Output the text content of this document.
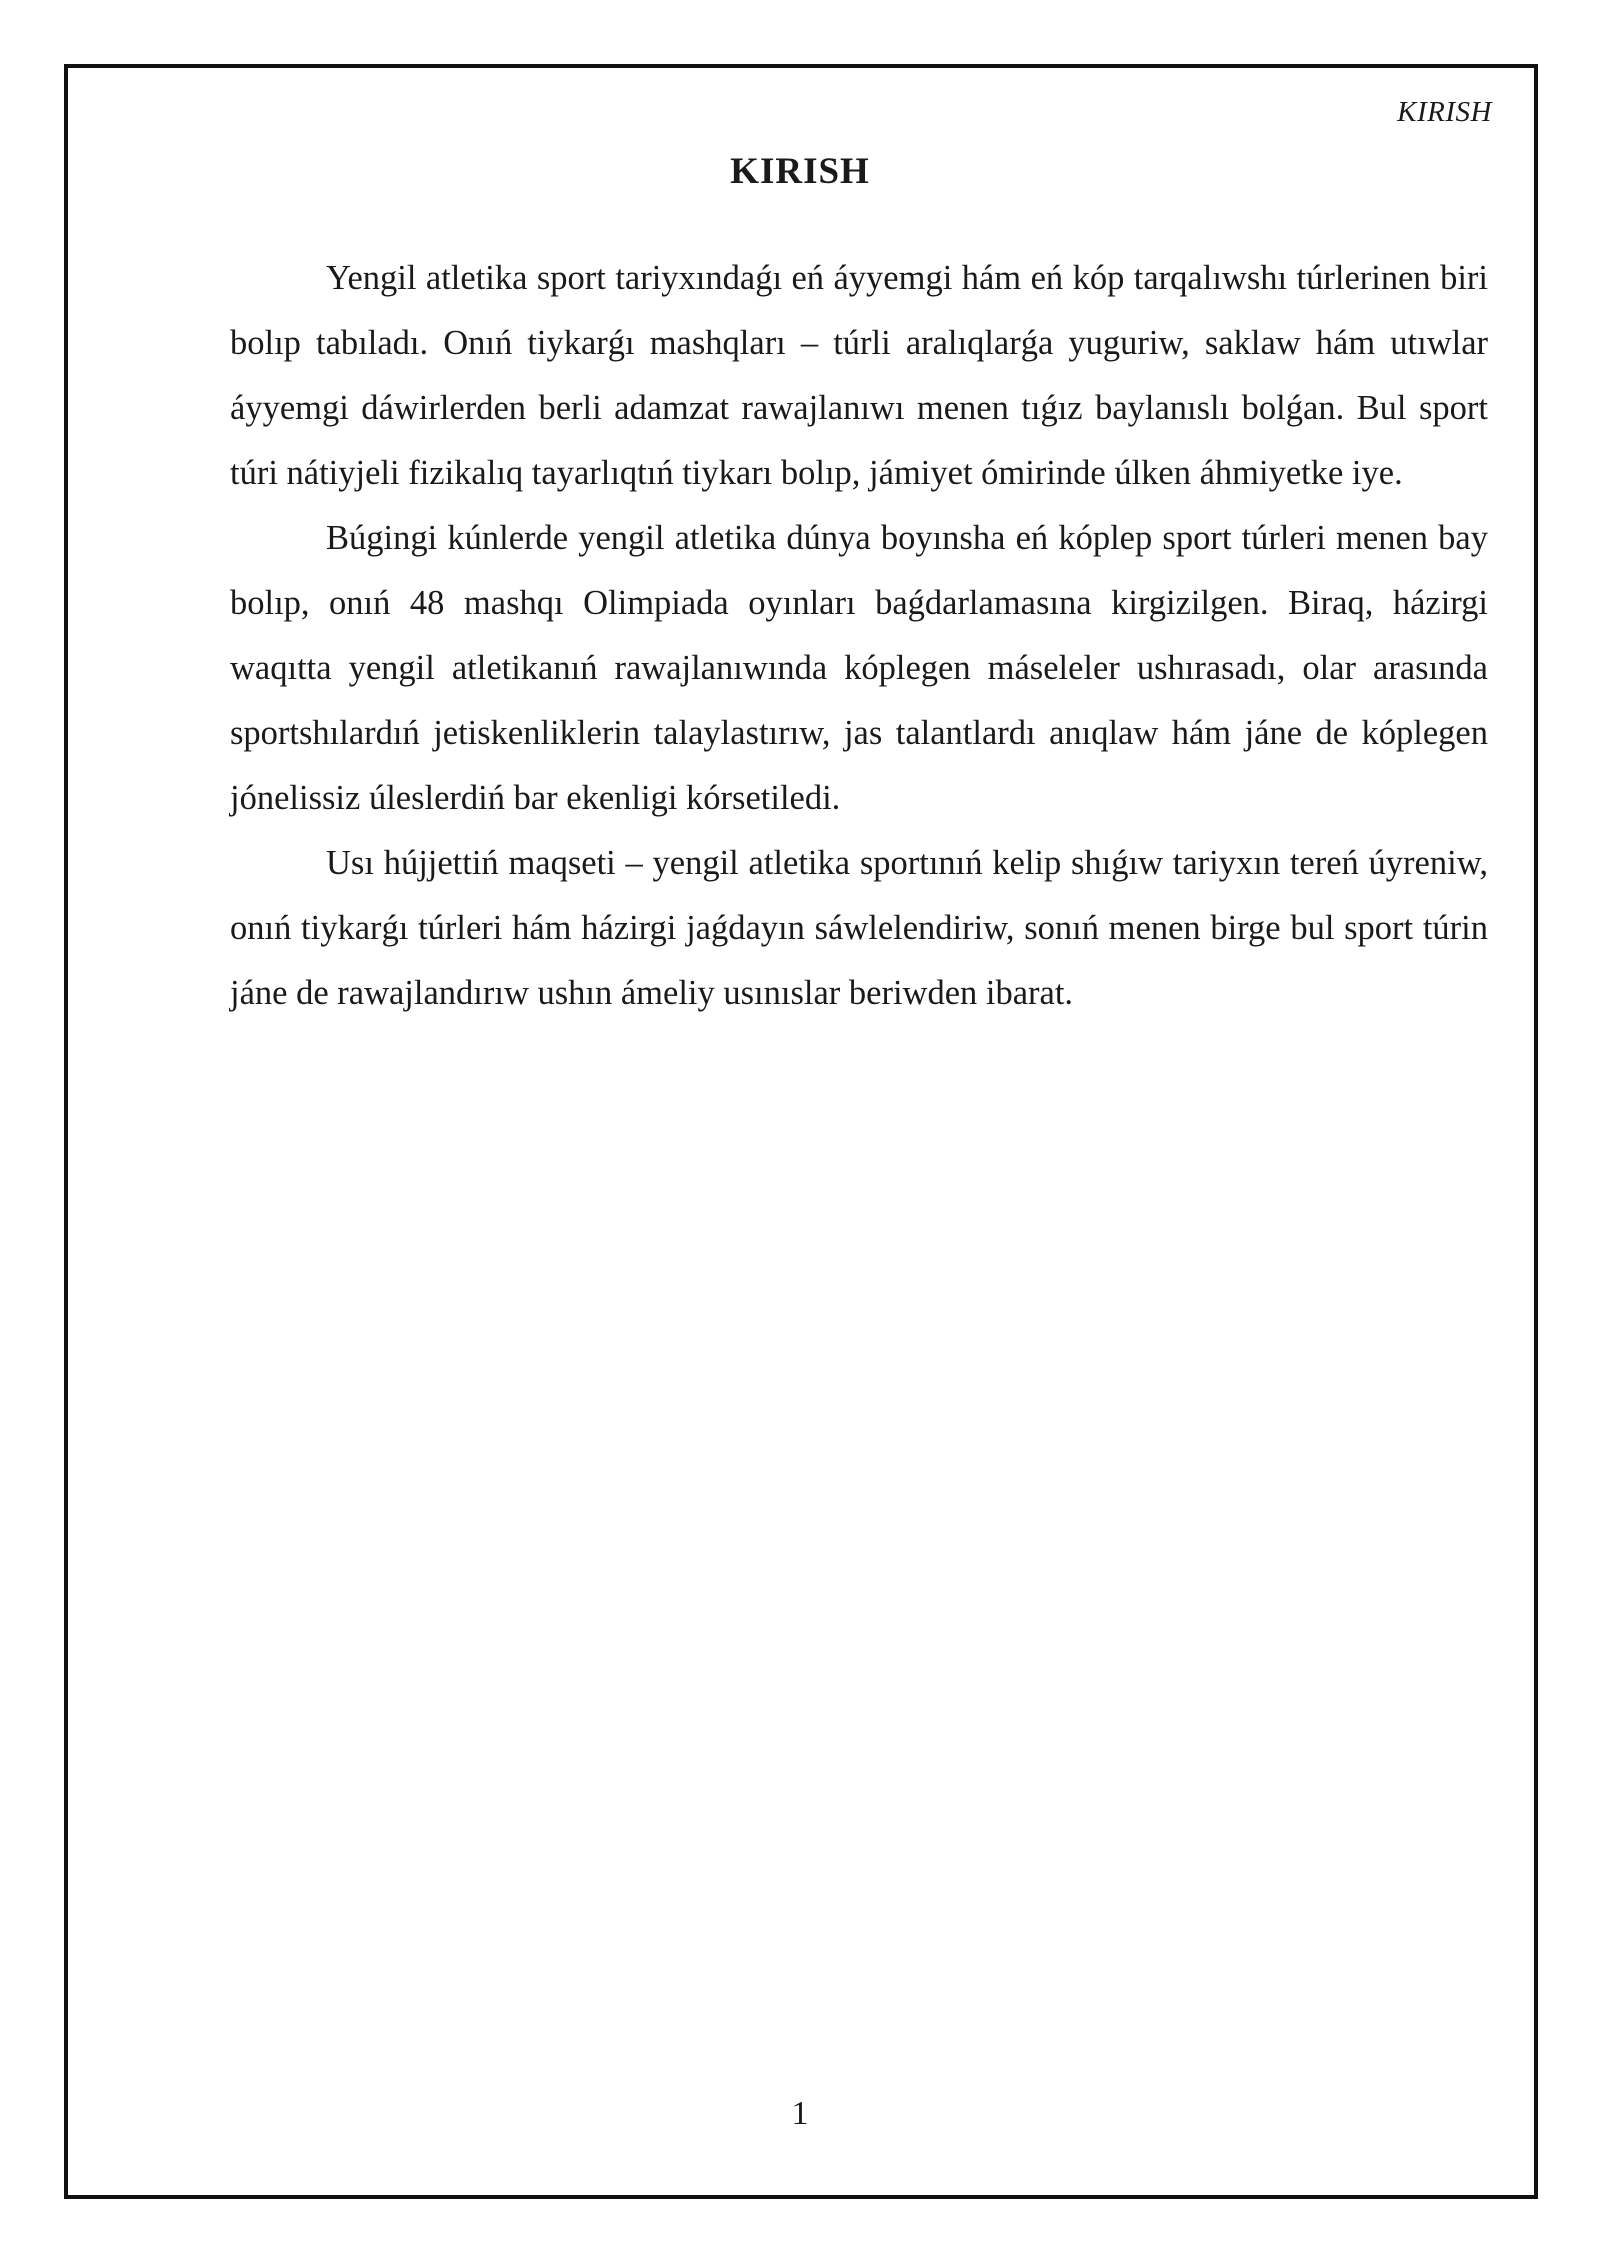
KIRISH
KIRISH

Yengil atletika sport tariyxındaǵı eń áyyemgi hám eń kóp tarqalıwshı túrlerinen biri bolıp tabıladı. Onıń tiykarǵı mashqları – túrli aralıqlarǵa yuguriw, saklaw hám utıwlar áyyemgi dáwirlerden berli adamzat rawajlanıwı menen tıǵız baylanıslı bolǵan. Bul sport túri nátiyjeli fizikalıq tayarlıqtıń tiykarı bolıp, jámiyet ómirinde úlken áhmiyetke iye.

Búgingi kúnlerde yengil atletika dúnya boyınsha eń kóplep sport túrleri menen bay bolıp, onıń 48 mashqı Olimpiada oyınları baǵdarlamasına kirgizilgen. Biraq, házirgi waqıtta yengil atletikanıń rawajlanıwında kóplegen máseleler ushırasadı, olar arasında sportshılardıń jetiskenliklerin talaylastırıw, jas talantlardı anıqlaw hám jáne de kóplegen jónelissiz úleslerdiń bar ekenligi kórsetiledi.

Usı hújjettiń maqseti – yengil atletika sportınıń kelip shıǵıw tariyxın tereń úyreniw, onıń tiykarǵı túrleri hám házirgi jaǵdayın sáwlelendiriw, sonıń menen birge bul sport túrin jáne de rawajlandırıw ushın ámeliy usınıslar beriwden ibarat.

1
